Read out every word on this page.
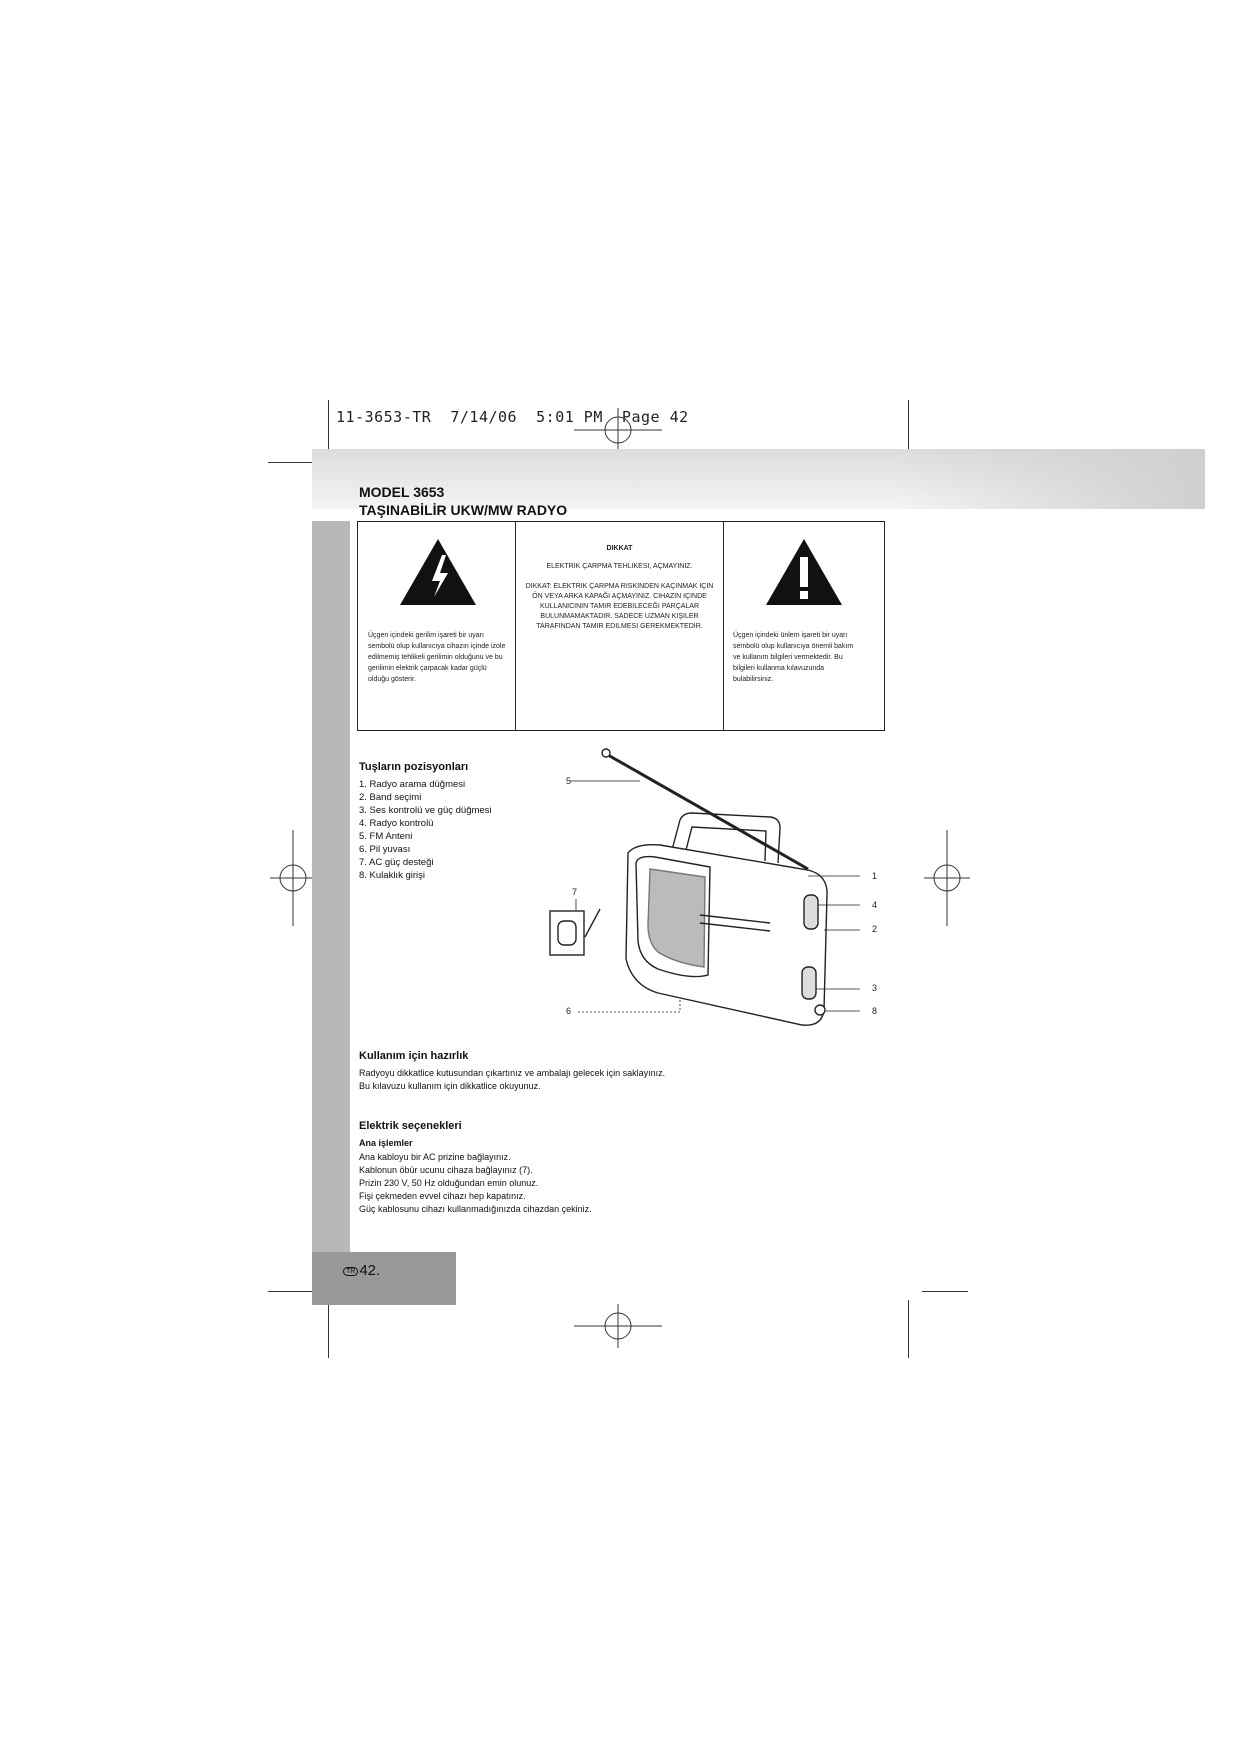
11-3653-TR  7/14/06  5:01 PM  Page 42
MODEL 3653
TAŞINABİLİR UKW/MW RADYO
Üçgen içindeki gerilim işareti bir uyarı sembolü olup kullanıcıya cihazın içinde izole edilmemiş tehlikeli gerilimin olduğunu ve bu gerilimin elektrik çarpacak kadar güçlü olduğu gösterir.
DIKKAT
ELEKTRIK ÇARPMA TEHLIKESI, AÇMAYINIZ.
DIKKAT: ELEKTRIK ÇARPMA RISKINDEN KAÇINMAK IÇIN ÖN VEYA ARKA KAPAĞI AÇMAYINIZ. CIHAZIN IÇINDE KULLANICININ TAMIR EDEBILECEĞI PARÇALAR BULUNMAMAKTADIR. SADECE UZMAN KIŞILER TARAFINDAN TAMIR EDILMESI GEREKMEKTEDIR.
Üçgen içindeki ünlem işareti bir uyarı sembolü olup kullanıcıya önemli bakım ve kullanım bilgileri vermektedir. Bu bilgileri kullanma kılavuzunda bulabilirsiniz.
Tuşların pozisyonları
1. Radyo arama düğmesi
2. Band seçimi
3. Ses kontrolü ve güç düğmesi
4. Radyo kontrolü
5. FM Anteni
6. Pil yuvası
7. AC güç desteği
8. Kulaklık girişi
5
1
4
2
3
8
7
6
Kullanım için hazırlık
Radyoyu dikkatlice kutusundan çıkartınız ve ambalajı gelecek için saklayınız.
Bu kılavuzu kullanım için dikkatlice okuyunuz.
Elektrik seçenekleri
Ana işlemler
Ana kabloyu bir AC prizine bağlayınız.
Kablonun öbür ucunu cihaza bağlayınız (7).
Prizin 230 V, 50 Hz olduğundan emin olunuz.
Fişi çekmeden evvel cihazı hep kapatınız.
Güç kablosunu cihazı kullanmadığınızda cihazdan çekiniz.
TR 42.
